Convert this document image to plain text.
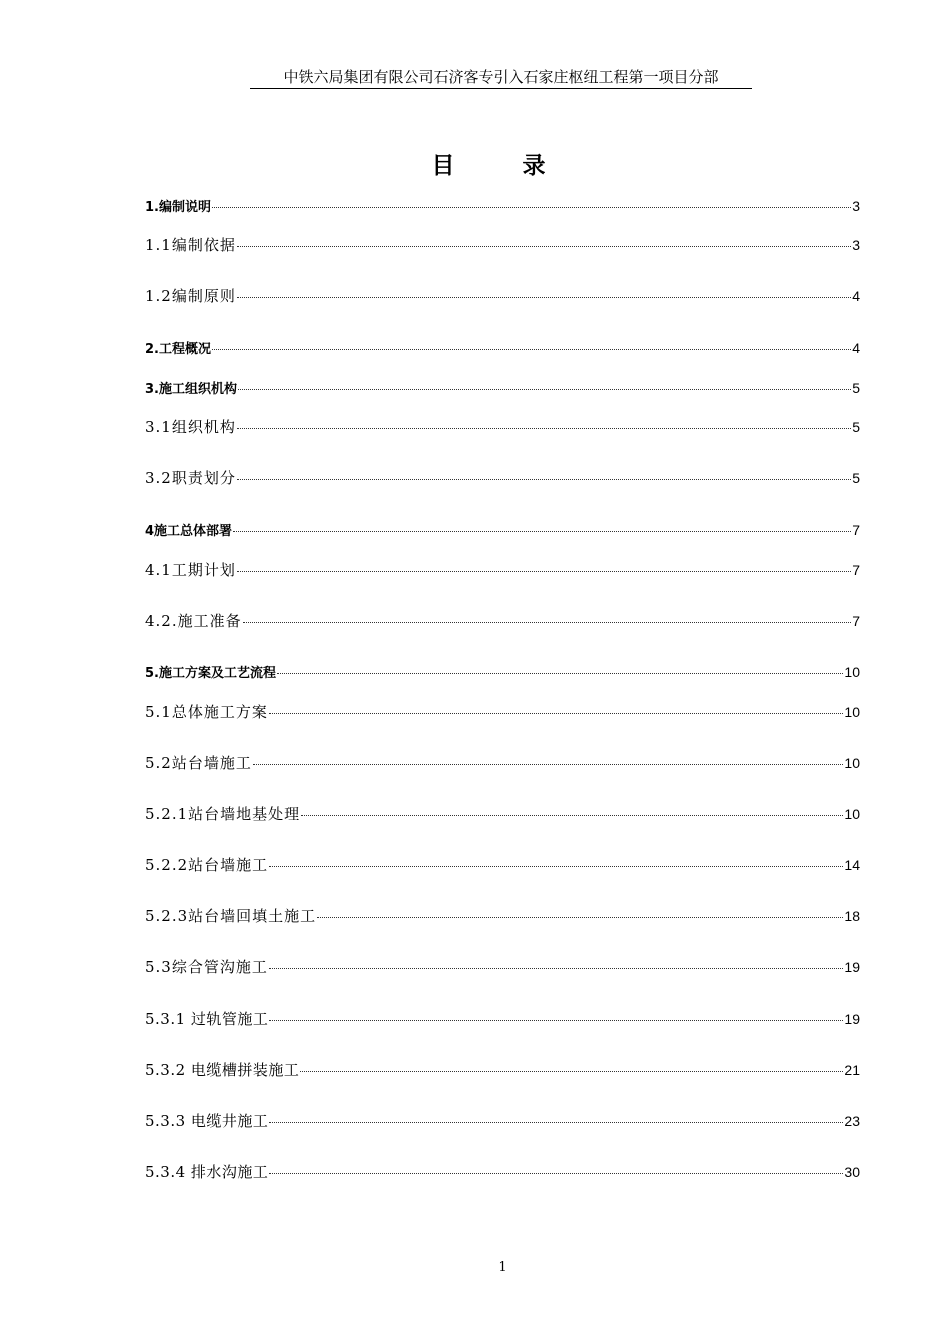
中铁六局集团有限公司石济客专引入石家庄枢纽工程第一项目分部
目 录
1.编制说明	3
1.1编制依据	3
1.2编制原则	4
2.工程概况	4
3.施工组织机构	5
3.1组织机构	5
3.2职责划分	5
4施工总体部署	7
4.1工期计划	7
4.2.施工准备	7
5.施工方案及工艺流程	10
5.1总体施工方案	10
5.2站台墙施工	10
5.2.1站台墙地基处理	10
5.2.2站台墙施工	14
5.2.3站台墙回填土施工	18
5.3综合管沟施工	19
5.3.1 过轨管施工	19
5.3.2 电缆槽拼装施工	21
5.3.3 电缆井施工	23
5.3.4 排水沟施工	30
1
